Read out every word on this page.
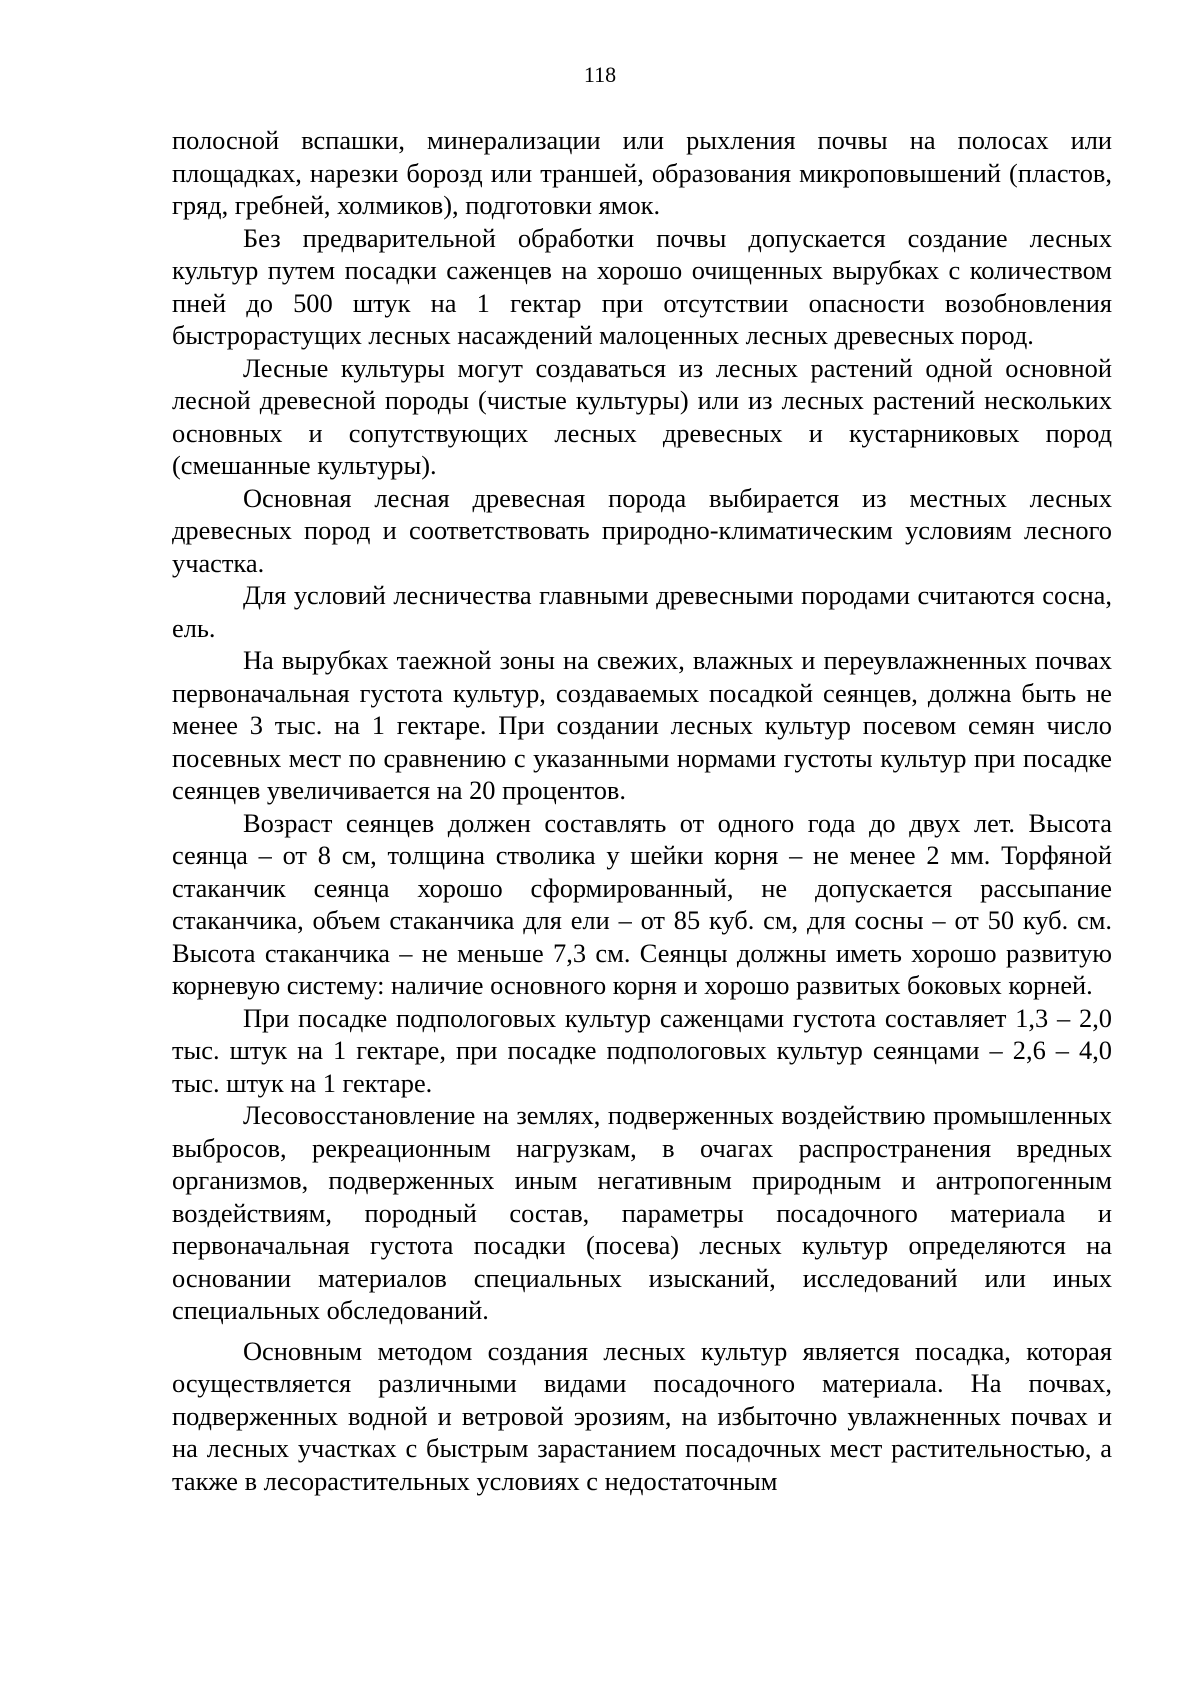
118

полосной вспашки, минерализации или рыхления почвы на полосах или площадках, нарезки борозд или траншей, образования микроповышений (пластов, гряд, гребней, холмиков), подготовки ямок.

Без предварительной обработки почвы допускается создание лесных культур путем посадки саженцев на хорошо очищенных вырубках с количеством пней до 500 штук на 1 гектар при отсутствии опасности возобновления быстрорастущих лесных насаждений малоценных лесных древесных пород.

Лесные культуры могут создаваться из лесных растений одной основной лесной древесной породы (чистые культуры) или из лесных растений нескольких основных и сопутствующих лесных древесных и кустарниковых пород (смешанные культуры).

Основная лесная древесная порода выбирается из местных лесных древесных пород и соответствовать природно-климатическим условиям лесного участка.

Для условий лесничества главными древесными породами считаются сосна, ель.

На вырубках таежной зоны на свежих, влажных и переувлажненных почвах первоначальная густота культур, создаваемых посадкой сеянцев, должна быть не менее 3 тыс. на 1 гектаре. При создании лесных культур посевом семян число посевных мест по сравнению с указанными нормами густоты культур при посадке сеянцев увеличивается на 20 процентов.

Возраст сеянцев должен составлять от одного года до двух лет. Высота сеянца – от 8 см, толщина стволика у шейки корня – не менее 2 мм. Торфяной стаканчик сеянца хорошо сформированный, не допускается рассыпание стаканчика, объем стаканчика для ели – от 85 куб. см, для сосны – от 50 куб. см. Высота стаканчика – не меньше 7,3 см. Сеянцы должны иметь хорошо развитую корневую систему: наличие основного корня и хорошо развитых боковых корней.

При посадке подпологовых культур саженцами густота составляет 1,3 – 2,0 тыс. штук на 1 гектаре, при посадке подпологовых культур сеянцами – 2,6 – 4,0 тыс. штук на 1 гектаре.

Лесовосстановление на землях, подверженных воздействию промышленных выбросов, рекреационным нагрузкам, в очагах распространения вредных организмов, подверженных иным негативным природным и антропогенным воздействиям, породный состав, параметры посадочного материала и первоначальная густота посадки (посева) лесных культур определяются на основании материалов специальных изысканий, исследований или иных специальных обследований.

Основным методом создания лесных культур является посадка, которая осуществляется различными видами посадочного материала. На почвах, подверженных водной и ветровой эрозиям, на избыточно увлажненных почвах и на лесных участках с быстрым зарастанием посадочных мест растительностью, а также в лесорастительных условиях с недостаточным
